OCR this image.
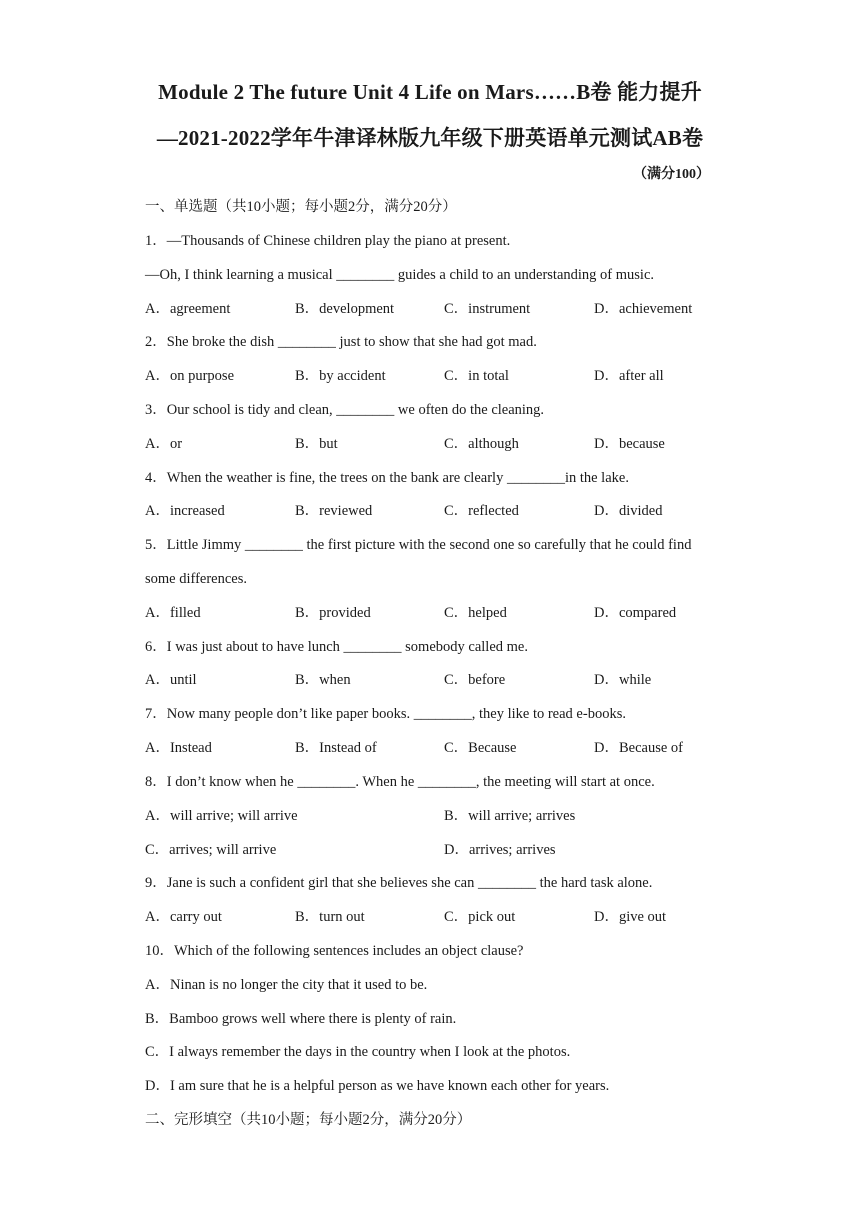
Module 2 The future Unit 4 Life on Mars……B卷 能力提升
—2021-2022学年牛津译林版九年级下册英语单元测试AB卷
（满分100）
一、单选题（共10小题；每小题2分，满分20分）
1．—Thousands of Chinese children play the piano at present.
—Oh, I think learning a musical ________ guides a child to an understanding of music.
A．agreement	B．development	C．instrument	D．achievement
2．She broke the dish ________ just to show that she had got mad.
A．on purpose	B．by accident	C．in total	D．after all
3．Our school is tidy and clean, ________ we often do the cleaning.
A．or	B．but	C．although	D．because
4．When the weather is fine, the trees on the bank are clearly ________in the lake.
A．increased	B．reviewed	C．reflected	D．divided
5．Little Jimmy ________ the first picture with the second one so carefully that he could find
some differences.
A．filled	B．provided	C．helped	D．compared
6．I was just about to have lunch ________ somebody called me.
A．until	B．when	C．before	D．while
7．Now many people don’t like paper books. ________, they like to read e-books.
A．Instead	B．Instead of	C．Because	D．Because of
8．I don’t know when he ________. When he ________, the meeting will start at once.
A．will arrive; will arrive	B．will arrive; arrives
C．arrives; will arrive	D．arrives; arrives
9．Jane is such a confident girl that she believes she can ________ the hard task alone.
A．carry out	B．turn out	C．pick out	D．give out
10．Which of the following sentences includes an object clause?
A．Ninan is no longer the city that it used to be.
B．Bamboo grows well where there is plenty of rain.
C．I always remember the days in the country when I look at the photos.
D．I am sure that he is a helpful person as we have known each other for years.
二、完形填空（共10小题；每小题2分，满分20分）
